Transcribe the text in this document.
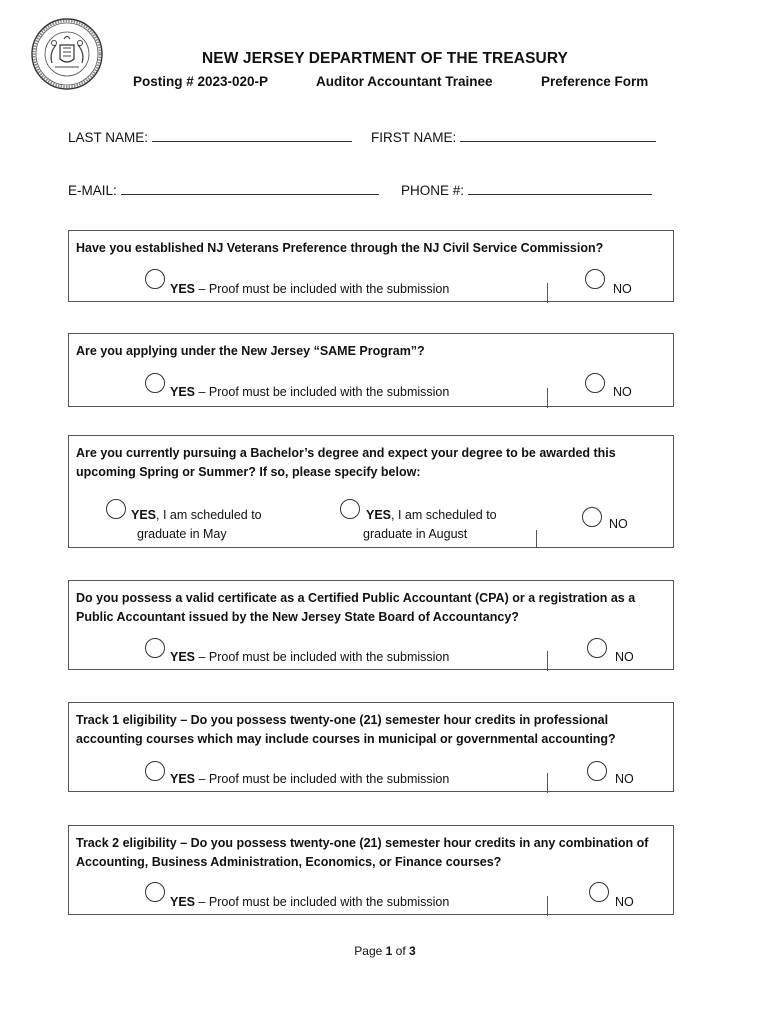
NEW JERSEY DEPARTMENT OF THE TREASURY
Posting # 2023-020-P	Auditor Accountant Trainee	Preference Form
LAST NAME:	FIRST NAME:
E-MAIL:	PHONE #:
Have you established NJ Veterans Preference through the NJ Civil Service Commission?
YES – Proof must be included with the submission	NO
Are you applying under the New Jersey “SAME Program”?
YES – Proof must be included with the submission	NO
Are you currently pursuing a Bachelor’s degree and expect your degree to be awarded this upcoming Spring or Summer? If so, please specify below:
YES, I am scheduled to
graduate in May
YES, I am scheduled to
graduate in August
NO
Do you possess a valid certificate as a Certified Public Accountant (CPA) or a registration as a Public Accountant issued by the New Jersey State Board of Accountancy?
YES – Proof must be included with the submission	NO
Track 1 eligibility – Do you possess twenty-one (21) semester hour credits in professional accounting courses which may include courses in municipal or governmental accounting?
YES – Proof must be included with the submission	NO
Track 2 eligibility – Do you possess twenty-one (21) semester hour credits in any combination of Accounting, Business Administration, Economics, or Finance courses?
YES – Proof must be included with the submission	NO
Page 1 of 3
